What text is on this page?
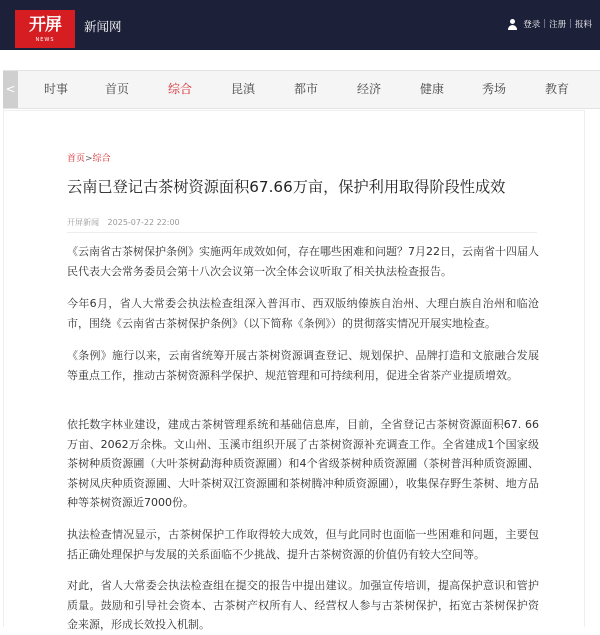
开屏
NEWS
新闻网	登录 | 注册 | 报料
< 时事	首页	综合	昆滇	都市	经济	健康	秀场	教育
首页>综合
云南已登记古茶树资源面积67.66万亩，保护利用取得阶段性成效
开屏新闻 2025-07-22 22:00

《云南省古茶树保护条例》实施两年成效如何，存在哪些困难和问题？7月22日，云南省十四届人民代表大会常务委员会第十八次会议第一次全体会议听取了相关执法检查报告。

今年6月，省人大常委会执法检查组深入普洱市、西双版纳傣族自治州、大理白族自治州和临沧市，围绕《云南省古茶树保护条例》（以下简称《条例》）的贯彻落实情况开展实地检查。

《条例》施行以来，云南省统筹开展古茶树资源调查登记、规划保护、品牌打造和文旅融合发展等重点工作，推动古茶树资源科学保护、规范管理和可持续利用，促进全省茶产业提质增效。

依托数字林业建设，建成古茶树管理系统和基础信息库，目前，全省登记古茶树资源面积67. 66万亩、2062万余株。文山州、玉溪市组织开展了古茶树资源补充调查工作。全省建成1个国家级茶树种质资源圃（大叶茶树勐海种质资源圃）和4个省级茶树种质资源圃（茶树普洱种质资源圃、茶树凤庆种质资源圃、大叶茶树双江资源圃和茶树腾冲种质资源圃），收集保存野生茶树、地方品种等茶树资源近7000份。

执法检查情况显示，古茶树保护工作取得较大成效，但与此同时也面临一些困难和问题，主要包括正确处理保护与发展的关系面临不少挑战、提升古茶树资源的价值仍有较大空间等。

对此，省人大常委会执法检查组在提交的报告中提出建议。加强宣传培训，提高保护意识和管护质量。鼓励和引导社会资本、古茶树产权所有人、经营权人参与古茶树保护，拓宽古茶树保护资金来源，形成长效投入机制。
